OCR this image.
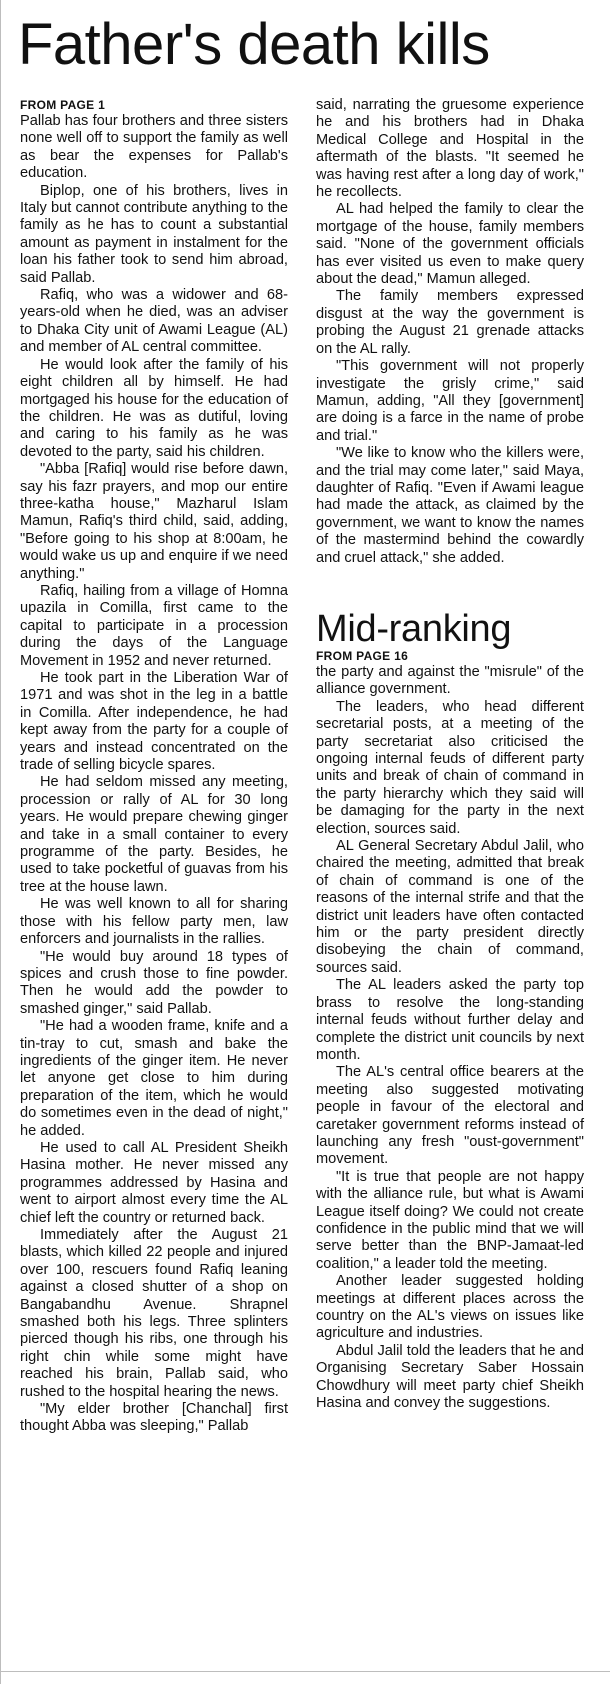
Father's death kills
FROM PAGE 1

Pallab has four brothers and three sisters none well off to support the family as well as bear the expenses for Pallab's education.

Biplop, one of his brothers, lives in Italy but cannot contribute anything to the family as he has to count a substantial amount as payment in instalment for the loan his father took to send him abroad, said Pallab.

Rafiq, who was a widower and 68-years-old when he died, was an adviser to Dhaka City unit of Awami League (AL) and member of AL central committee.

He would look after the family of his eight children all by himself. He had mortgaged his house for the education of the children. He was as dutiful, loving and caring to his family as he was devoted to the party, said his children.

"Abba [Rafiq] would rise before dawn, say his fazr prayers, and mop our entire three-katha house," Mazharul Islam Mamun, Rafiq's third child, said, adding, "Before going to his shop at 8:00am, he would wake us up and enquire if we need anything."

Rafiq, hailing from a village of Homna upazila in Comilla, first came to the capital to participate in a procession during the days of the Language Movement in 1952 and never returned.

He took part in the Liberation War of 1971 and was shot in the leg in a battle in Comilla. After independence, he had kept away from the party for a couple of years and instead concentrated on the trade of selling bicycle spares.

He had seldom missed any meeting, procession or rally of AL for 30 long years. He would prepare chewing ginger and take in a small container to every programme of the party. Besides, he used to take pocketful of guavas from his tree at the house lawn.

He was well known to all for sharing those with his fellow party men, law enforcers and journalists in the rallies.

"He would buy around 18 types of spices and crush those to fine powder. Then he would add the powder to smashed ginger," said Pallab.

"He had a wooden frame, knife and a tin-tray to cut, smash and bake the ingredients of the ginger item. He never let anyone get close to him during preparation of the item, which he would do sometimes even in the dead of night," he added.

He used to call AL President Sheikh Hasina mother. He never missed any programmes addressed by Hasina and went to airport almost every time the AL chief left the country or returned back.

Immediately after the August 21 blasts, which killed 22 people and injured over 100, rescuers found Rafiq leaning against a closed shutter of a shop on Bangabandhu Avenue. Shrapnel smashed both his legs. Three splinters pierced though his ribs, one through his right chin while some might have reached his brain, Pallab said, who rushed to the hospital hearing the news.

"My elder brother [Chanchal] first thought Abba was sleeping," Pallab

said, narrating the gruesome experience he and his brothers had in Dhaka Medical College and Hospital in the aftermath of the blasts. "It seemed he was having rest after a long day of work," he recollects.

AL had helped the family to clear the mortgage of the house, family members said. "None of the government officials has ever visited us even to make query about the dead," Mamun alleged.

The family members expressed disgust at the way the government is probing the August 21 grenade attacks on the AL rally.

"This government will not properly investigate the grisly crime," said Mamun, adding, "All they [government] are doing is a farce in the name of probe and trial."

"We like to know who the killers were, and the trial may come later," said Maya, daughter of Rafiq. "Even if Awami league had made the attack, as claimed by the government, we want to know the names of the mastermind behind the cowardly and cruel attack," she added.

Mid-ranking
FROM PAGE 16

the party and against the "misrule" of the alliance government.

The leaders, who head different secretarial posts, at a meeting of the party secretariat also criticised the ongoing internal feuds of different party units and break of chain of command in the party hierarchy which they said will be damaging for the party in the next election, sources said.

AL General Secretary Abdul Jalil, who chaired the meeting, admitted that break of chain of command is one of the reasons of the internal strife and that the district unit leaders have often contacted him or the party president directly disobeying the chain of command, sources said.

The AL leaders asked the party top brass to resolve the long-standing internal feuds without further delay and complete the district unit councils by next month.

The AL's central office bearers at the meeting also suggested motivating people in favour of the electoral and caretaker government reforms instead of launching any fresh "oust-government" movement.

"It is true that people are not happy with the alliance rule, but what is Awami League itself doing? We could not create confidence in the public mind that we will serve better than the BNP-Jamaat-led coalition," a leader told the meeting.

Another leader suggested holding meetings at different places across the country on the AL's views on issues like agriculture and industries.

Abdul Jalil told the leaders that he and Organising Secretary Saber Hossain Chowdhury will meet party chief Sheikh Hasina and convey the suggestions.
